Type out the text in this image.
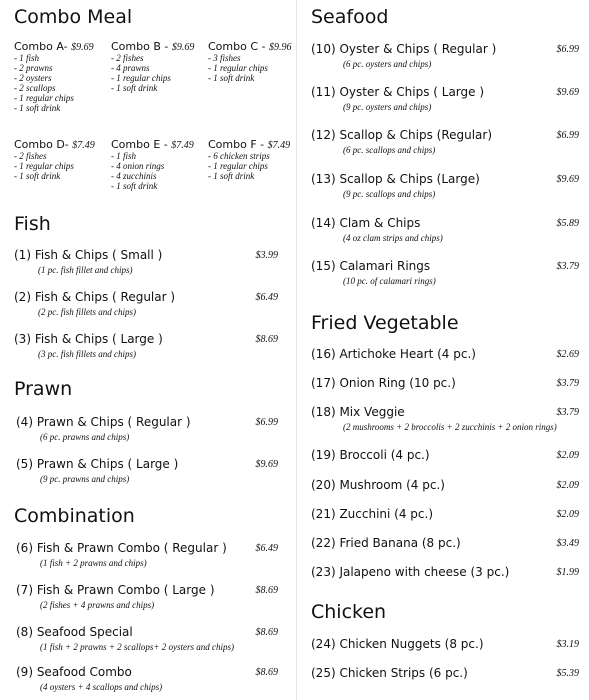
Combo Meal
Fish
Prawn
Combination
Seafood
Fried Vegetable
Chicken
Combo A- $9.69
- 1 fish
- 2 prawns
- 2 oysters
- 2 scallops
- 1 regular chips
- 1 soft drink
Combo B - $9.69
- 2 fishes
- 4 prawns
- 1 regular chips
- 1 soft drink
Combo C - $9.96
- 3 fishes
- 1 regular chips
- 1 soft drink
Combo D- $7.49
- 2 fishes
- 1 regular chips
- 1 soft drink
Combo E - $7.49
- 1 fish
- 4 onion rings
- 4 zucchinis
- 1 soft drink
Combo F - $7.49
- 6 chicken strips
- 1 regular chips
- 1 soft drink
(1) Fish & Chips ( Small )
(1 pc. fish fillet and chips)
$3.99
(2) Fish & Chips ( Regular )
(2 pc. fish fillets and chips)
$6.49
(3) Fish & Chips ( Large )
(3 pc. fish fillets and chips)
$8.69
(4) Prawn & Chips ( Regular )
(6 pc. prawns and chips)
$6.99
(5) Prawn & Chips ( Large )
(9 pc. prawns and chips)
$9.69
(6) Fish & Prawn Combo ( Regular )
(1 fish + 2 prawns and chips)
$6.49
(7) Fish & Prawn Combo ( Large )
(2 fishes + 4 prawns and chips)
$8.69
(8) Seafood Special
(1 fish + 2 prawns + 2 scallops+ 2 oysters and chips)
$8.69
(9) Seafood Combo
(4 oysters + 4 scallops and chips)
$8.69
(10) Oyster & Chips ( Regular )
(6 pc. oysters and chips)
$6.99
(11) Oyster & Chips ( Large )
(9 pc. oysters and chips)
$9.69
(12) Scallop & Chips (Regular)
(6 pc. scallops and chips)
$6.99
(13) Scallop & Chips (Large)
(9 pc. scallops and chips)
$9.69
(14) Clam & Chips
(4 oz clam strips and chips)
$5.89
(15) Calamari Rings
(10 pc. of calamari rings)
$3.79
(16) Artichoke Heart (4 pc.)	$2.69
(17) Onion Ring (10 pc.)	$3.79
(18) Mix Veggie
(2 mushrooms + 2 broccolis + 2 zucchinis + 2 onion rings)
$3.79
(19) Broccoli (4 pc.)	$2.09
(20) Mushroom (4 pc.)	$2.09
(21) Zucchini (4 pc.)	$2.09
(22) Fried Banana (8 pc.)	$3.49
(23) Jalapeno with cheese (3 pc.)	$1.99
(24) Chicken Nuggets (8 pc.)	$3.19
(25) Chicken Strips (6 pc.)	$5.39
